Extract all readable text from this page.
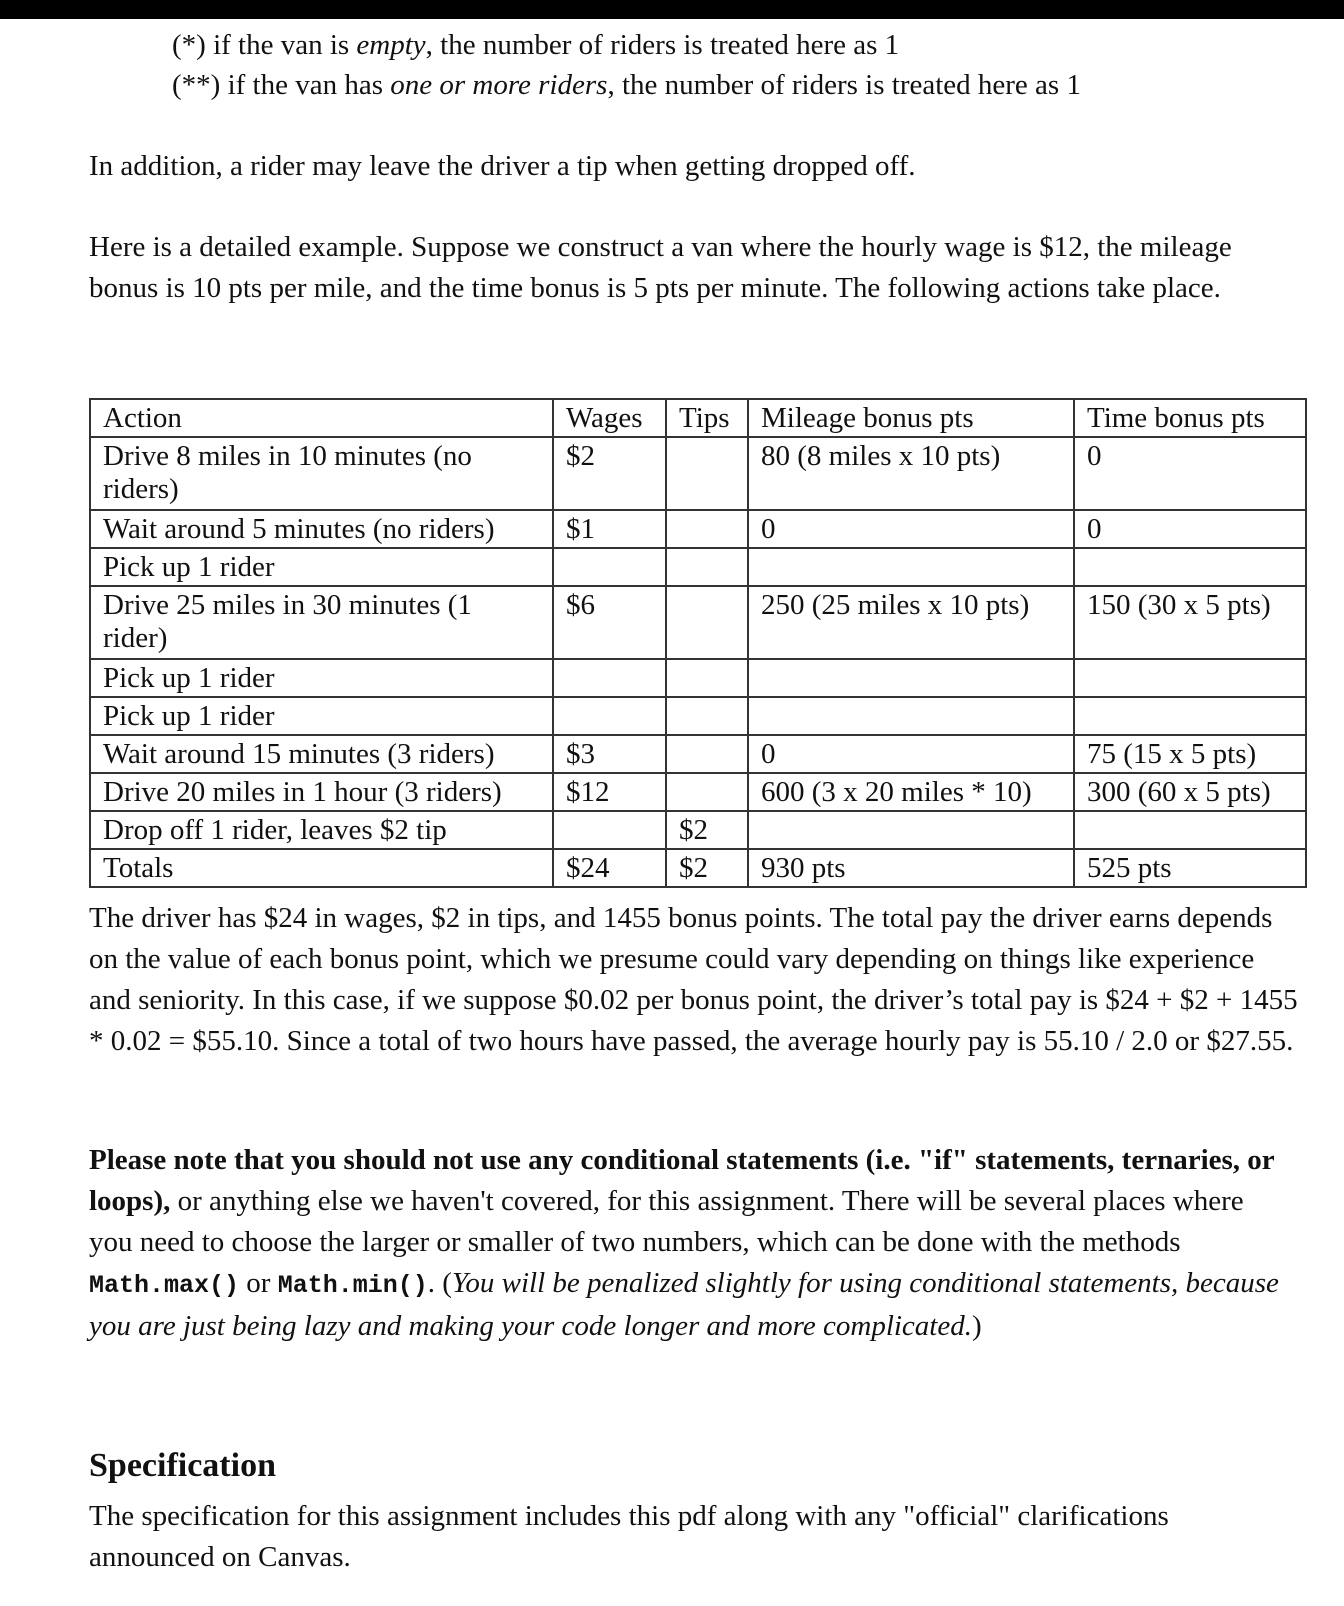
(*) if the van is empty, the number of riders is treated here as 1
(**) if the van has one or more riders, the number of riders is treated here as 1

In addition, a rider may leave the driver a tip when getting dropped off.

Here is a detailed example. Suppose we construct a van where the hourly wage is $12, the mileage bonus is 10 pts per mile, and the time bonus is 5 pts per minute. The following actions take place.

Action	Wages	Tips	Mileage bonus pts	Time bonus pts
Drive 8 miles in 10 minutes (no riders)	$2		80 (8 miles x 10 pts)	0
Wait around 5 minutes (no riders)	$1		0	0
Pick up 1 rider				
Drive 25 miles in 30 minutes (1 rider)	$6		250 (25 miles x 10 pts)	150 (30 x 5 pts)
Pick up 1 rider				
Pick up 1 rider				
Wait around 15 minutes (3 riders)	$3		0	75 (15 x 5 pts)
Drive 20 miles in 1 hour (3 riders)	$12		600 (3 x 20 miles * 10)	300 (60 x 5 pts)
Drop off 1 rider, leaves $2 tip		$2		
Totals	$24	$2	930 pts	525 pts

The driver has $24 in wages, $2 in tips, and 1455 bonus points. The total pay the driver earns depends on the value of each bonus point, which we presume could vary depending on things like experience and seniority. In this case, if we suppose $0.02 per bonus point, the driver’s total pay is $24 + $2 + 1455 * 0.02 = $55.10. Since a total of two hours have passed, the average hourly pay is 55.10 / 2.0 or $27.55.

Please note that you should not use any conditional statements (i.e. "if" statements, ternaries, or loops), or anything else we haven't covered, for this assignment. There will be several places where you need to choose the larger or smaller of two numbers, which can be done with the methods Math.max() or Math.min(). (You will be penalized slightly for using conditional statements, because you are just being lazy and making your code longer and more complicated.)

Specification

The specification for this assignment includes this pdf along with any "official" clarifications announced on Canvas.
